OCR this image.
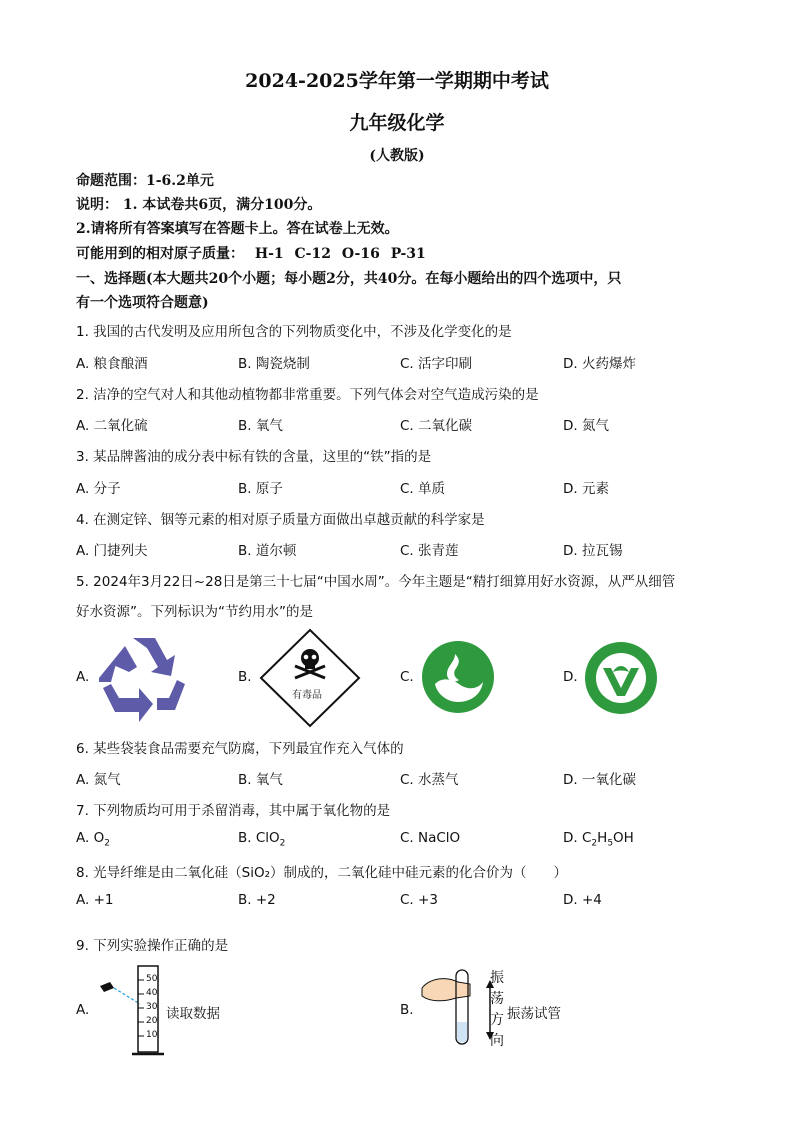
2024-2025学年第一学期期中考试
九年级化学
(人教版)
命题范围：1-6.2单元
说明： 1. 本试卷共6页，满分100分。
2.请将所有答案填写在答题卡上。答在试卷上无效。
可能用到的相对原子质量： H-1 C-12 O-16 P-31
一、选择题(本大题共20个小题；每小题2分，共40分。在每小题给出的四个选项中，只
有一个选项符合题意)
1. 我国的古代发明及应用所包含的下列物质变化中，不涉及化学变化的是
A. 粮食酿酒	B. 陶瓷烧制	C. 活字印刷	D. 火药爆炸
2. 洁净的空气对人和其他动植物都非常重要。下列气体会对空气造成污染的是
A. 二氧化硫	B. 氧气	C. 二氧化碳	D. 氮气
3. 某品牌酱油的成分表中标有铁的含量，这里的“铁”指的是
A. 分子	B. 原子	C. 单质	D. 元素
4. 在测定锌、铟等元素的相对原子质量方面做出卓越贡献的科学家是
A. 门捷列夫	B. 道尔顿	C. 张青莲	D. 拉瓦锡
5. 2024年3月22日~28日是第三十七届“中国水周”。今年主题是“精打细算用好水资源，从严从细管
好水资源”。下列标识为“节约用水”的是
A.	B.
有毒品
C.	D.
6. 某些袋装食品需要充气防腐，下列最宜作充入气体的
A. 氮气	B. 氧气	C. 水蒸气	D. 一氧化碳
7. 下列物质均可用于杀留消毒，其中属于氧化物的是
A. $O_2$	B. ClO$_2$	C. NaClO	D. $C_2H_5OH$
8. 光导纤维是由二氧化硅（SiO₂）制成的，二氧化硅中硅元素的化合价为（　　）
A. +1	B. +2	C. +3	D. +4
9. 下列实验操作正确的是
A.
50
40
30
20
10
读取数据	B.
振
荡
方
向
振荡试管
